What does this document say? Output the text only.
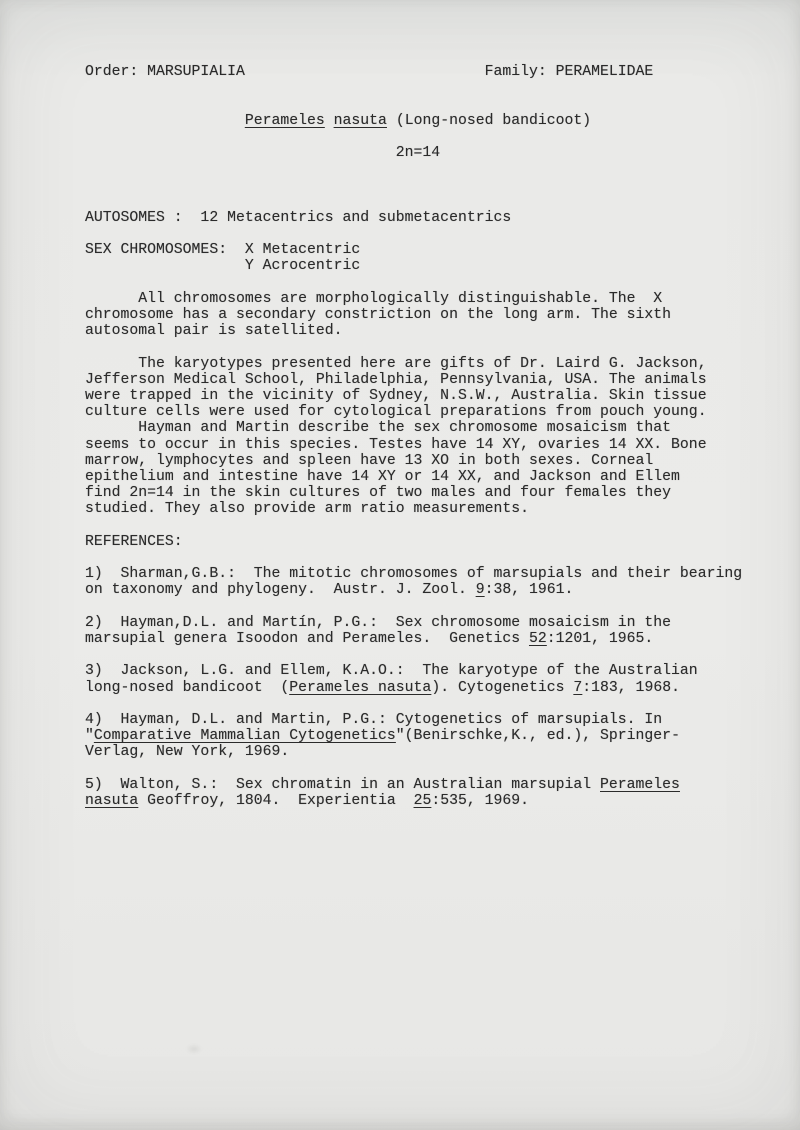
Order: MARSUPIALIA                           Family: PERAMELIDAE
Perameles nasuta (Long-nosed bandicoot)
2n=14
AUTOSOMES :  12 Metacentrics and submetacentrics
SEX CHROMOSOMES:  X Metacentric
Y Acrocentric
All chromosomes are morphologically distinguishable. The  X
chromosome has a secondary constriction on the long arm. The sixth
autosomal pair is satellited.
The karyotypes presented here are gifts of Dr. Laird G. Jackson,
Jefferson Medical School, Philadelphia, Pennsylvania, USA. The animals
were trapped in the vicinity of Sydney, N.S.W., Australia. Skin tissue
culture cells were used for cytological preparations from pouch young.
Hayman and Martin describe the sex chromosome mosaicism that
seems to occur in this species. Testes have 14 XY, ovaries 14 XX. Bone
marrow, lymphocytes and spleen have 13 XO in both sexes. Corneal
epithelium and intestine have 14 XY or 14 XX, and Jackson and Ellem
find 2n=14 in the skin cultures of two males and four females they
studied. They also provide arm ratio measurements.
REFERENCES:
1)  Sharman,G.B.:  The mitotic chromosomes of marsupials and their bearing
on taxonomy and phylogeny.  Austr. J. Zool. 9:38, 1961.
2)  Hayman,D.L. and Martín, P.G.:  Sex chromosome mosaicism in the
marsupial genera Isoodon and Perameles.  Genetics 52:1201, 1965.
3)  Jackson, L.G. and Ellem, K.A.O.:  The karyotype of the Australian
long-nosed bandicoot  (Perameles nasuta). Cytogenetics 7:183, 1968.
4)  Hayman, D.L. and Martin, P.G.: Cytogenetics of marsupials. In
"Comparative Mammalian Cytogenetics"(Benirschke,K., ed.), Springer-
Verlag, New York, 1969.
5)  Walton, S.:  Sex chromatin in an Australian marsupial Perameles
nasuta Geoffroy, 1804.  Experientia  25:535, 1969.
